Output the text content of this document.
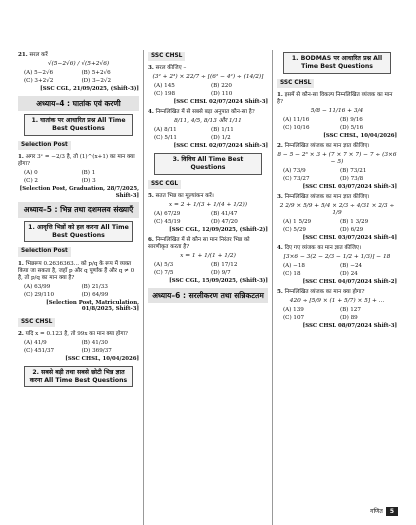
21. सरल करें
√(5−2√6) / √(5+2√6)
(A) 5−2√6	(B) 5+2√6
(C) 3+2√2	(D) 3−2√2
[SSC CGL, 21/09/2025, (Shift-3)]
अध्याय–4 : घातांक एवं करणी
1. घातांक पर आधारित प्रश्न All Time Best Questions
Selection Post
1. अगर 3ˣ = −2/3 है, तो (1)^(x+1) का मान क्या होगा?
(A) 0	(B) 1
(C) 2	(D) 3
[Selection Post, Graduation, 28/7/2025, Shift-3]
अध्याय–5 : भिन्न तथा दशमलव संख्याएँ
1. आवृत्ति भिन्नों को हल करना All Time Best Questions
Selection Post
1. भिन्नरूप 0.2636363... को p/q के रूप में व्यक्त किया जा सकता है, जहाँ p और q पूर्णांक हैं और q ≠ 0 है, तो p/q का मान क्या है?
(A) 63/99	(B) 21/33
(C) 29/110	(D) 64/99
[Selection Post, Matriculation, 01/8/2025, Shift-3]
SSC CHSL
2. यदि x = 0.123 है, तो 99x का मान क्या होगा?
(A) 41/9	(B) 41/30
(C) 451/37	(D) 369/37
[SSC CHSL, 10/04/2026]
2. सबसे बड़ी तथा सबसे छोटी भिन्न ज्ञात करना All Time Best Questions
SSC CHSL
3. सरल कीजिए –
(3² + 2³) × 22/7 ÷ [(6² − 4²) ÷ (14/2)]
(A) 145	(B) 220
(C) 198	(D) 110
[SSC CHSL 02/07/2024 Shift-3]
4. निम्नलिखित में से सबसे बड़ा अनुपात कौन-सा है?
8/11, 4/5, 8/13 और 1/11
(A) 8/11	(B) 1/11
(C) 5/11	(D) 1/2
[SSC CHSL 02/07/2024 Shift-3]
3. विविध All Time Best Questions
SSC CGL
5. सतत भिन्न का मूल्यांकन करें।
x = 2 + 1/(3 + 1/(4 + 1/2))
(A) 67/29	(B) 41/47
(C) 45/19	(D) 47/20
[SSC CGL, 12/09/2025, (Shift-2)]
6. निम्नलिखित में से कौन सा मान निरंतर भिन्न को सारणीकृत करता है?
x = 1 + 1/(1 + 1/2)
(A) 5/3	(B) 17/12
(C) 7/5	(D) 9/7
[SSC CGL, 15/09/2025, (Shift-3)]
अध्याय–6 : सरलीकरण तथा सन्निकटतम
1. BODMAS पर आधारित प्रश्न All Time Best Questions
SSC CHSL
1. इसमें से कौन-सा विकल्प निम्नलिखित व्यंजक का मान है?
5/8 − 11/16 + 3/4
(A) 11/16	(B) 9/16
(C) 10/16	(D) 5/16
[SSC CHSL, 10/04/2026]
2. निम्नलिखित व्यंजक का मान ज्ञात कीजिए।
8 − 5 − 2³ × 3 + (7 × 7 × 7) − 7 ÷ (3×6 − 5)
(A) 73/9	(B) 73/21
(C) 73/27	(D) 73/8
[SSC CHSL 03/07/2024 Shift-3]
3. निम्नलिखित व्यंजक का मान ज्ञात कीजिए।
2 2/9 × 5/9 + 5/4 × 2/3 ÷ 4/31 × 2/3 ÷ 1/9
(A) 1 5/29	(B) 1 3/29
(C) 5/29	(D) 6/29
[SSC CHSL 03/07/2024 Shift-4]
4. दिए गए व्यंजक का मान ज्ञात कीजिए।
[3×6 − 3(2 − 2/3 − 1/2 + 1/3)] − 18
(A) −18	(B) −24
(C) 18	(D) 24
[SSC CHSL 04/07/2024 Shift-2]
5. निम्नलिखित व्यंजक का मान क्या होगा?
420 ÷ [5/9 × (1 + 5/7) × 5] + ...
(A) 139	(B) 127
(C) 107	(D) 89
[SSC CHSL 08/07/2024 Shift-3]
गणित	5
